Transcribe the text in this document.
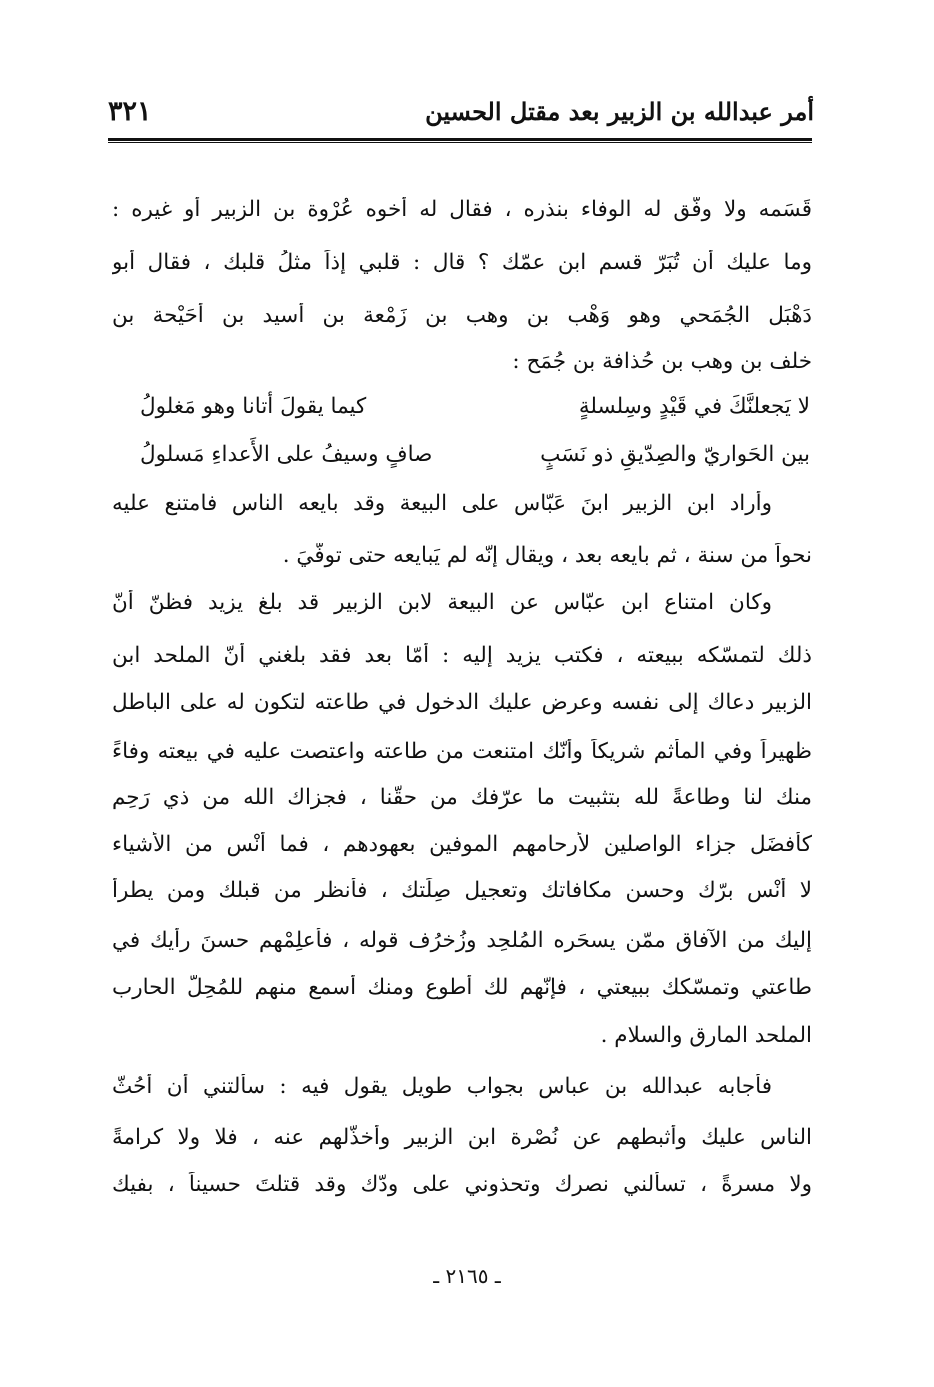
أمر عبدالله بن الزبير بعد مقتل الحسين
٣٢١
قَسَمه ولا وفَّق له الوفاء بنذره ، فقال له أخوه عُرْوة بن الزبير أو غيره :
وما عليك أن تُبَرّ قسم ابن عمّك ؟ قال : قلبي إذاً مثلُ قلبك ، فقال أبو
دَهْبَل الجُمَحي وهو وَهْب بن وهب بن زَمْعة بن أَسيد بن أُحَيْحة بن
خلف بن وهب بن حُذافة بن جُمَح :
لا يَجعلنَّكَ في قَيْدٍ وسِلسلةٍ
كيما يقولَ أتانا وهو مَغلولُ
بين الحَواريّ والصِدّيقِ ذو نَسَبٍ
صافٍ وسيفُ على الأَعداءِ مَسلولُ
وأراد ابن الزبير ابنَ عَبّاس على البيعة وقد بايعه الناس فامتنع عليه
نحواً من سنة ، ثم بايعه بعد ، ويقال إنّه لم يَبايعه حتى توفّيَ .
وكان امتناع ابن عبّاس عن البيعة لابن الزبير قد بلغ يزيد فظنّ أنّ
ذلك لتمسّكه ببيعته ، فكتب يزيد إليه : أمّا بعد فقد بلغني أنّ الملحد ابن
الزبير دعاك إلى نفسه وعرض عليك الدخول في طاعته لتكون له على الباطل
ظهيراً وفي المأثم شريكاً وأنّك امتنعت من طاعته واعتصت عليه في بيعته وفاءً
منك لنا وطاعةً لله بتثبيت ما عرّفك من حقّنا ، فجزاك الله من ذي رَحِم
كأفضَل جزاء الواصلين لأرحامهم الموفين بعهودهم ، فما أنْس من الأشياء
لا أنْس برّك وحسن مكافاتك وتعجيل صِلَتك ، فأنظر من قبلك ومن يطرأ
إليك من الآفاق ممّن يسحَره المُلحِد وزُخرُف قوله ، فأعلِمْهم حسنَ رأيك في
طاعتي وتمسّكك ببيعتي ، فإنّهم لك أطوع ومنك أسمع منهم للمُحِلّ الحارب
الملحد المارق والسلام .
فأجابه عبدالله بن عباس بجواب طويل يقول فيه : سألتني أن أُحُثّ
الناس عليك وأثبطهم عن نُصْرة ابن الزبير وأخذّلهم عنه ، فلا ولا كرامةً
ولا مسرةً ، تسألني نصرك وتحذوني على ودّك وقد قتلتَ حسيناً ، بفيك
ـ ٢١٦٥ ـ
